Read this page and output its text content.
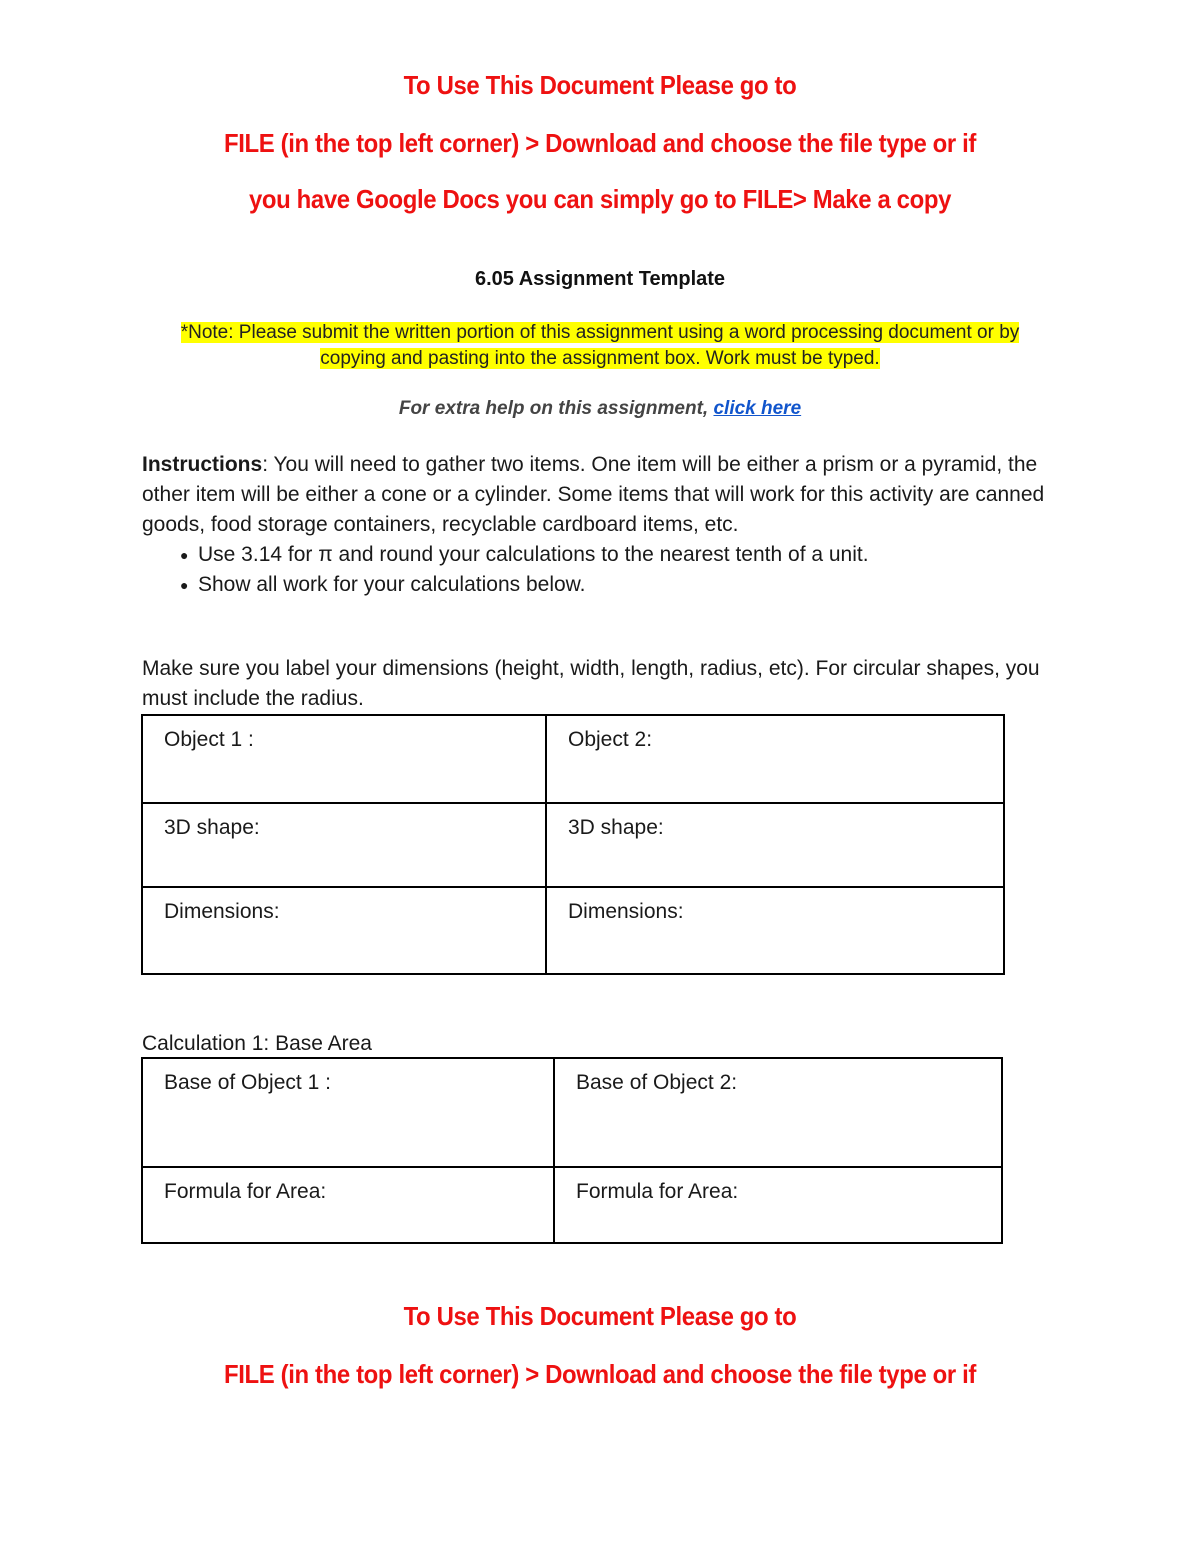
To Use This Document Please go to
FILE (in the top left corner) > Download and choose the file type or if
you have Google Docs you can simply go to FILE> Make a copy
6.05 Assignment Template
*Note: Please submit the written portion of this assignment using a word processing document or by
copying and pasting into the assignment box. Work must be typed.
For extra help on this assignment, click here
Instructions: You will need to gather two items. One item will be either a prism or a pyramid, the other item will be either a cone or a cylinder. Some items that will work for this activity are canned goods, food storage containers, recyclable cardboard items, etc.
● Use 3.14 for π and round your calculations to the nearest tenth of a unit.
● Show all work for your calculations below.
Make sure you label your dimensions (height, width, length, radius, etc). For circular shapes, you must include the radius.
Object 1 :	Object 2:
3D shape:	3D shape:
Dimensions:	Dimensions:
Calculation 1: Base Area
Base of Object 1 :	Base of Object 2:
Formula for Area:	Formula for Area:
To Use This Document Please go to
FILE (in the top left corner) > Download and choose the file type or if
